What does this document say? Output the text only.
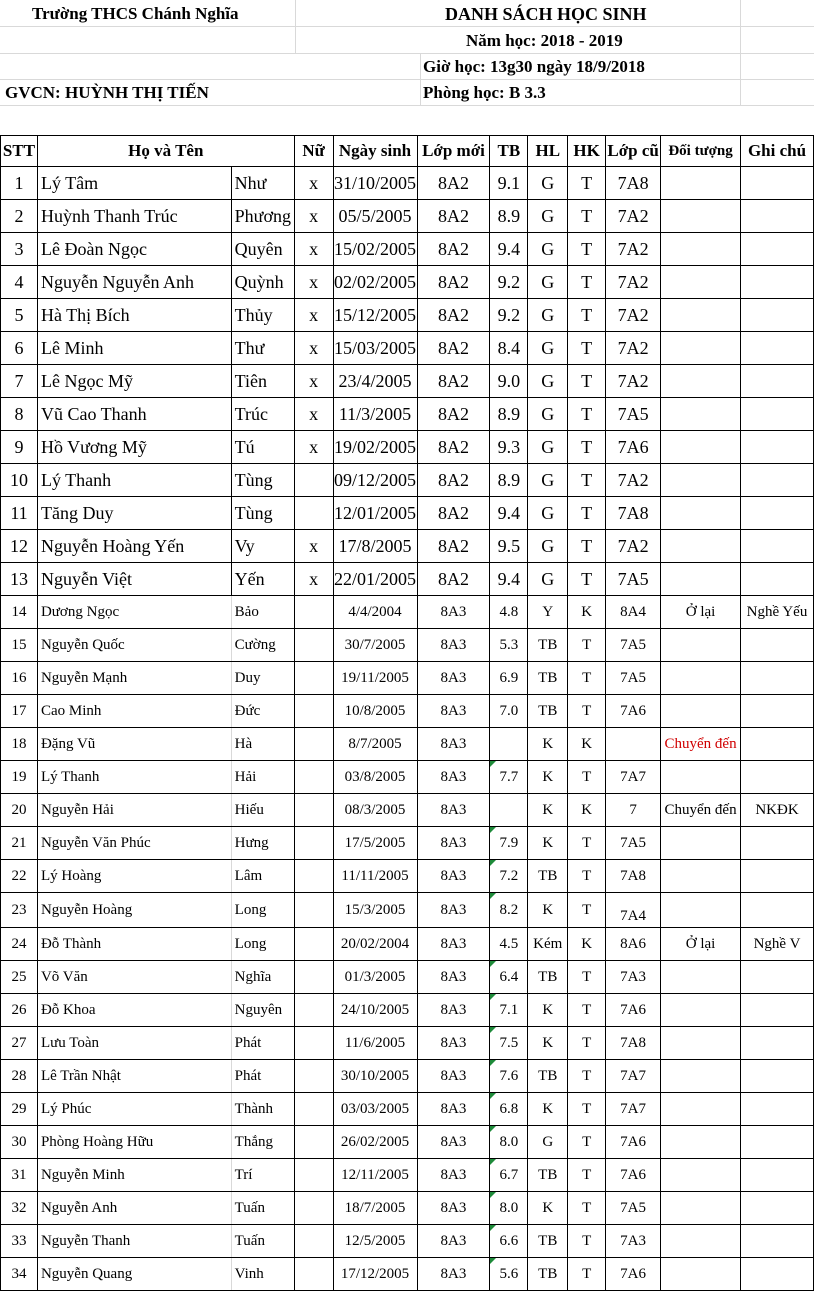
Trường THCS Chánh Nghĩa	DANH SÁCH HỌC SINH
Năm học: 2018 - 2019
Giờ học: 13g30 ngày 18/9/2018
GVCN: HUỲNH THỊ TIẾN	Phòng học: B 3.3
STT	Họ và Tên		Nữ	Ngày sinh	Lớp mới	TB	HL	HK	Lớp cũ	Đối tượng	Ghi chú
1	Lý Tâm	Như	x	31/10/2005	8A2	9.1	G	T	7A8		
2	Huỳnh Thanh Trúc	Phương	x	05/5/2005	8A2	8.9	G	T	7A2		
3	Lê Đoàn Ngọc	Quyên	x	15/02/2005	8A2	9.4	G	T	7A2		
4	Nguyễn Nguyễn Anh	Quỳnh	x	02/02/2005	8A2	9.2	G	T	7A2		
5	Hà Thị Bích	Thủy	x	15/12/2005	8A2	9.2	G	T	7A2		
6	Lê Minh	Thư	x	15/03/2005	8A2	8.4	G	T	7A2		
7	Lê Ngọc Mỹ	Tiên	x	23/4/2005	8A2	9.0	G	T	7A2		
8	Vũ Cao Thanh	Trúc	x	11/3/2005	8A2	8.9	G	T	7A5		
9	Hồ Vương Mỹ	Tú	x	19/02/2005	8A2	9.3	G	T	7A6		
10	Lý Thanh	Tùng		09/12/2005	8A2	8.9	G	T	7A2		
11	Tăng Duy	Tùng		12/01/2005	8A2	9.4	G	T	7A8		
12	Nguyễn Hoàng Yến	Vy	x	17/8/2005	8A2	9.5	G	T	7A2		
13	Nguyễn Việt	Yến	x	22/01/2005	8A2	9.4	G	T	7A5		
14	Dương Ngọc	Bảo		4/4/2004	8A3	4.8	Y	K	8A4	Ở lại	Nghề Yếu
15	Nguyễn Quốc	Cường		30/7/2005	8A3	5.3	TB	T	7A5		
16	Nguyễn Mạnh	Duy		19/11/2005	8A3	6.9	TB	T	7A5		
17	Cao Minh	Đức		10/8/2005	8A3	7.0	TB	T	7A6		
18	Đặng Vũ	Hà		8/7/2005	8A3		K	K		Chuyển đến	
19	Lý Thanh	Hải		03/8/2005	8A3	7.7	K	T	7A7		
20	Nguyễn Hải	Hiếu		08/3/2005	8A3		K	K	7	Chuyển đến	NKĐK
21	Nguyễn Văn Phúc	Hưng		17/5/2005	8A3	7.9	K	T	7A5		
22	Lý Hoàng	Lâm		11/11/2005	8A3	7.2	TB	T	7A8		
23	Nguyễn Hoàng	Long		15/3/2005	8A3	8.2	K	T	7A4		
24	Đỗ Thành	Long		20/02/2004	8A3	4.5	Kém	K	8A6	Ở lại	Nghề V
25	Võ Văn	Nghĩa		01/3/2005	8A3	6.4	TB	T	7A3		
26	Đỗ Khoa	Nguyên		24/10/2005	8A3	7.1	K	T	7A6		
27	Lưu Toàn	Phát		11/6/2005	8A3	7.5	K	T	7A8		
28	Lê Trần Nhật	Phát		30/10/2005	8A3	7.6	TB	T	7A7		
29	Lý Phúc	Thành		03/03/2005	8A3	6.8	K	T	7A7		
30	Phòng Hoàng Hữu	Thắng		26/02/2005	8A3	8.0	G	T	7A6		
31	Nguyễn Minh	Trí		12/11/2005	8A3	6.7	TB	T	7A6		
32	Nguyễn Anh	Tuấn		18/7/2005	8A3	8.0	K	T	7A5		
33	Nguyễn Thanh	Tuấn		12/5/2005	8A3	6.6	TB	T	7A3		
34	Nguyễn Quang	Vinh		17/12/2005	8A3	5.6	TB	T	7A6		
